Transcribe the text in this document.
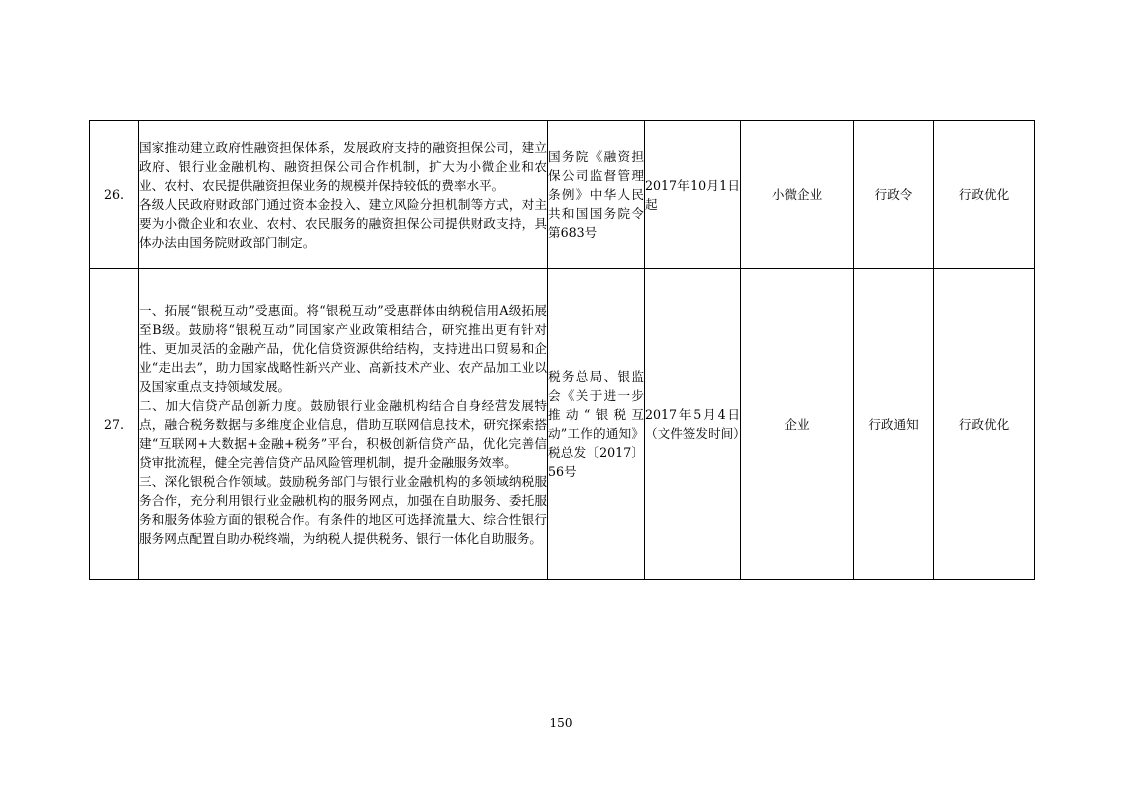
26.	国家推动建立政府性融资担保体系，发展政府支持的融资担保公司，建立政府、银行业金融机构、融资担保公司合作机制，扩大为小微企业和农业、农村、农民提供融资担保业务的规模并保持较低的费率水平。
各级人民政府财政部门通过资本金投入、建立风险分担机制等方式，对主要为小微企业和农业、农村、农民服务的融资担保公司提供财政支持，具体办法由国务院财政部门制定。	国务院《融资担保公司监督管理条例》中华人民共和国国务院令第683号	2017年10月1日起	小微企业	行政令	行政优化
27.	一、拓展“银税互动”受惠面。将“银税互动”受惠群体由纳税信用A级拓展至B级。鼓励将“银税互动”同国家产业政策相结合，研究推出更有针对性、更加灵活的金融产品，优化信贷资源供给结构，支持进出口贸易和企业“走出去”，助力国家战略性新兴产业、高新技术产业、农产品加工业以及国家重点支持领域发展。
二、加大信贷产品创新力度。鼓励银行业金融机构结合自身经营发展特点，融合税务数据与多维度企业信息，借助互联网信息技术，研究探索搭建“互联网+大数据+金融+税务”平台，积极创新信贷产品，优化完善信贷审批流程，健全完善信贷产品风险管理机制，提升金融服务效率。
三、深化银税合作领域。鼓励税务部门与银行业金融机构的多领域纳税服务合作，充分利用银行业金融机构的服务网点，加强在自助服务、委托服务和服务体验方面的银税合作。有条件的地区可选择流量大、综合性银行服务网点配置自助办税终端，为纳税人提供税务、银行一体化自助服务。	税务总局、银监会《关于进一步推动“银税互动”工作的通知》税总发〔2017〕56号	2017年5月4日（文件签发时间）	企业	行政通知	行政优化
150
